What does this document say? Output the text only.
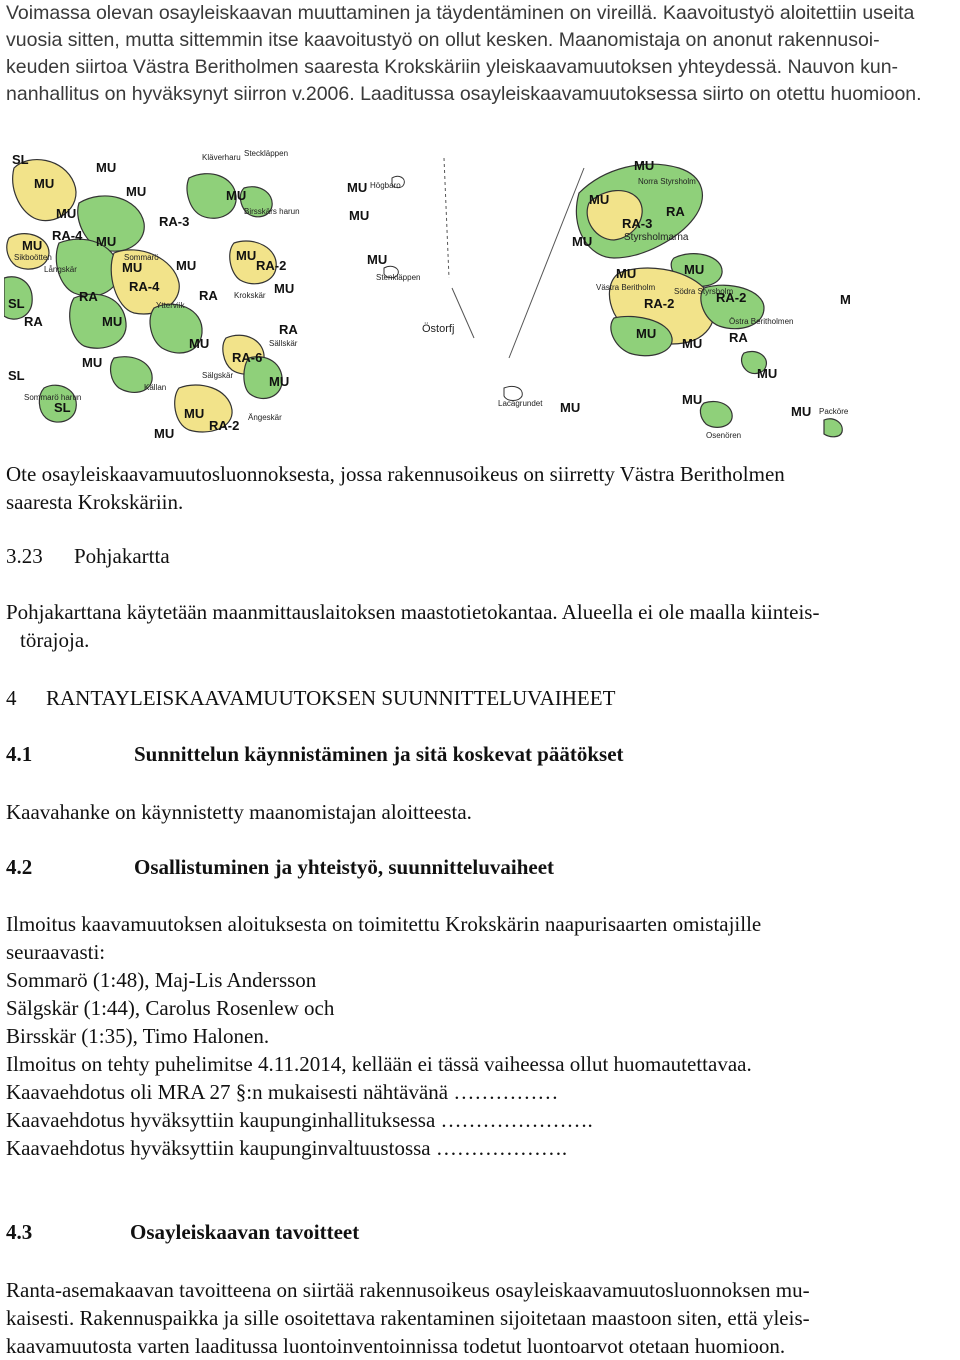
Voimassa olevan osayleiskaavan muuttaminen ja täydentäminen on vireillä. Kaavoitustyö aloitettiin useita
vuosia sitten, mutta sittemmin itse kaavoitustyö on ollut kesken. Maanomistaja on anonut rakennusoi-
keuden siirtoa Västra Beritholmen saaresta Krokskäriin yleiskaavamuutoksen yhteydessä. Nauvon kun-
nanhallitus on hyväksynyt siirron v.2006. Laaditussa osayleiskaavamuutoksessa siirto on otettu huomioon.
SL
MU
MU
MU
MU
RA-3
RA-4 MU
MU
MU
MU
RA-2
MU	MU
MU
RA-4
RA	RA
SL
MU
RA
RA
MU
RA-6
MU
SL	MU
SL	MU
RA-2
MU
Kläverharu
Birsskärs harun
Sommarö
Krokskär
Sällskär
Sälgskär
Källan
Ängeskär
Långskär
Steckläppen
Sikboötten
Ytterviik
Sommarö harun
MU
MU
MU
MU
Högbaro
Stenkläppen
Östorfj
Lacagrundet
MU
MU
MU
RA-3
RA
MU	MU
RA-2	RA-2
MU
MU RA
MU
MU
MU
M
Norra Styrsholm
Styrsholmarna
Västra Beritholm Södra Styrsholm
Östra Beritholmen
Osenören
Packöre
Ote osayleiskaavamuutosluonnoksesta, jossa rakennusoikeus on siirretty Västra Beritholmen
saaresta Krokskäriin.
3.23 Pohjakartta
Pohjakarttana käytetään maanmittauslaitoksen maastotietokantaa. Alueella ei ole maalla kiinteis-
törajoja.
4 RANTAYLEISKAAVAMUUTOKSEN SUUNNITTELUVAIHEET
4.1	Sunnittelun käynnistäminen ja sitä koskevat päätökset
Kaavahanke on käynnistetty maanomistajan aloitteesta.
4.2	Osallistuminen ja yhteistyö, suunnitteluvaiheet
Ilmoitus kaavamuutoksen aloituksesta on toimitettu Krokskärin naapurisaarten omistajille
seuraavasti:
Sommarö (1:48), Maj-Lis Andersson
Sälgskär (1:44), Carolus Rosenlew och
Birsskär (1:35), Timo Halonen.
Ilmoitus on tehty puhelimitse 4.11.2014, kellään ei tässä vaiheessa ollut huomautettavaa.
Kaavaehdotus oli MRA 27 §:n mukaisesti nähtävänä ……………
Kaavaehdotus hyväksyttiin kaupunginhallituksessa ………………….
Kaavaehdotus hyväksyttiin kaupunginvaltuustossa ……………….
4.3	Osayleiskaavan tavoitteet
Ranta-asemakaavan tavoitteena on siirtää rakennusoikeus osayleiskaavamuutosluonnoksen mu-
kaisesti. Rakennuspaikka ja sille osoitettava rakentaminen sijoitetaan maastoon siten, että yleis-
kaavamuutosta varten laaditussa luontoinventoinnissa todetut luontoarvot otetaan huomioon.
